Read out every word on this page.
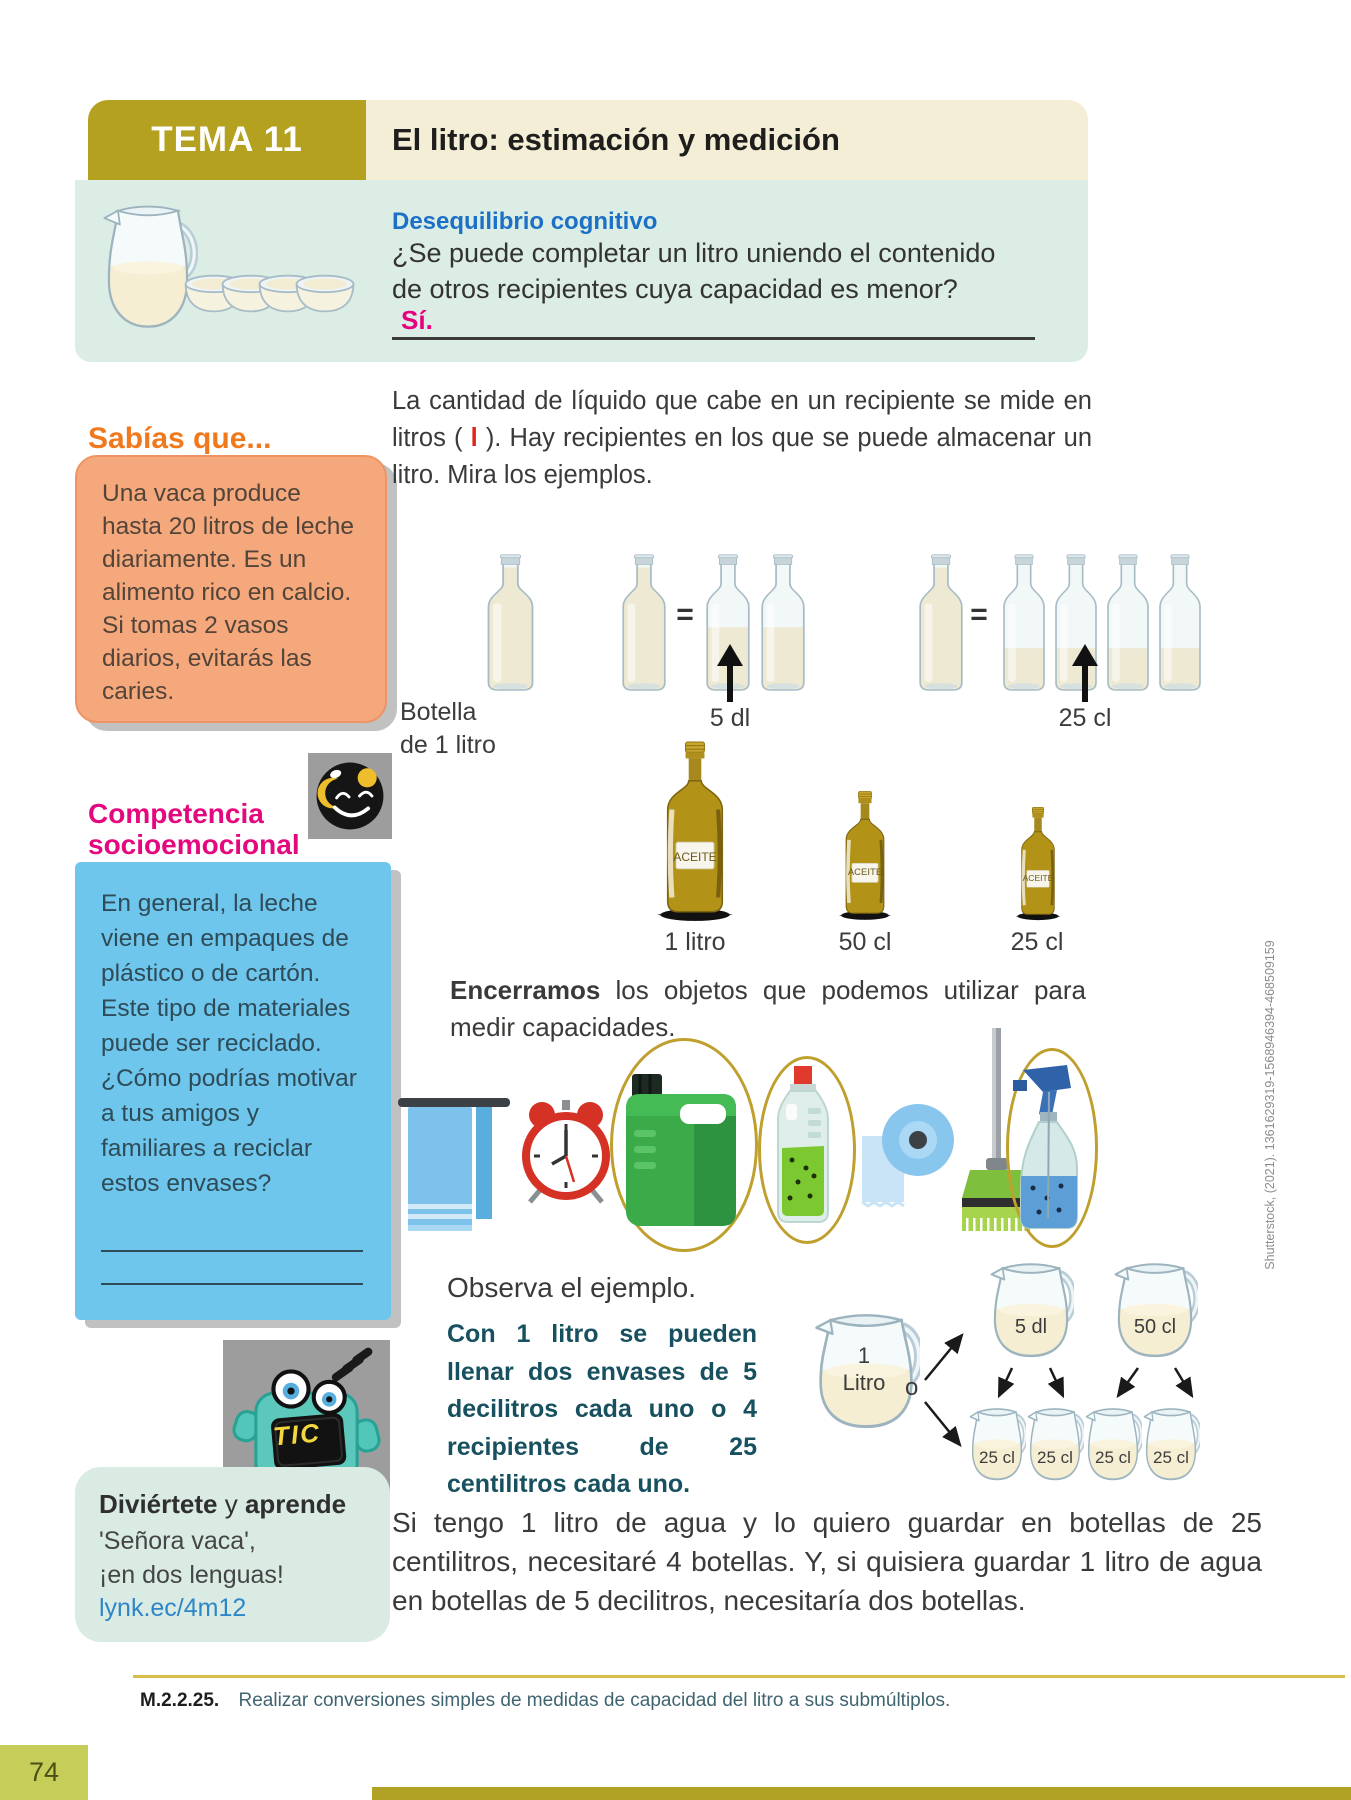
TEMA 11	El litro: estimación y medición
Desequilibrio cognitivo
¿Se puede completar un litro uniendo el contenido
de otros recipientes cuya capacidad es menor?
Sí.
Sabías que...
Una vaca produce hasta 20 litros de leche diariamente. Es un alimento rico en calcio. Si tomas 2 vasos diarios, evitarás las caries.
Competencia
socioemocional
En general, la leche viene en empaques de plástico o de cartón. Este tipo de materiales puede ser reciclado. ¿Cómo podrías motivar a tus amigos y familiares a reciclar estos envases?
TIC
Diviértete y aprende
'Señora vaca',
¡en dos lenguas!
lynk.ec/4m12

La cantidad de líquido que cabe en un recipiente se mide en litros ( l ). Hay recipientes en los que se puede almacenar un litro. Mira los ejemplos.

=	=
Botella
de 1 litro
5 dl	25 cl
ACEITE
ACEITE	ACEITE
1 litro	50 cl	25 cl

Encerramos los objetos que podemos utilizar para medir capacidades.

Observa el ejemplo.

Con 1 litro se pueden llenar dos envases de 5 decilitros cada uno o 4 recipientes de 25 centilitros cada uno.

1
Litro o
5 dl	50 cl
25 cl	25 cl	25 cl	25 cl

Si tengo 1 litro de agua y lo quiero guardar en botellas de 25 centilitros, necesitaré 4 botellas. Y, si quisiera guardar 1 litro de agua en botellas de 5 decilitros, necesitaría dos botellas.

Shutterstock, (2021). 1361629319-1568946394-468509159
M.2.2.25. Realizar conversiones simples de medidas de capacidad del litro a sus submúltiplos.
74
